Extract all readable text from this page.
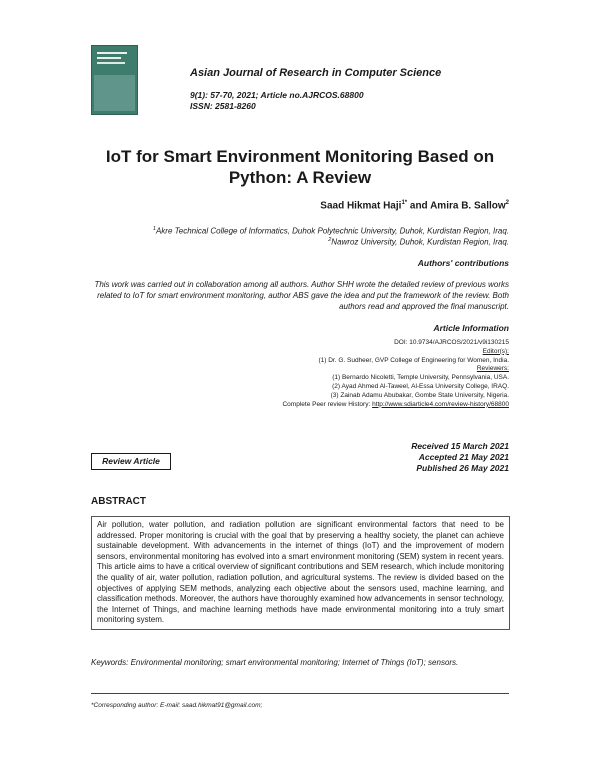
Asian Journal of Research in Computer Science
9(1): 57-70, 2021; Article no.AJRCOS.68800
ISSN: 2581-8260
IoT for Smart Environment Monitoring Based on
Python: A Review
Saad Hikmat Haji$^{1*}$ and Amira B. Sallow$^2$
$^1$Akre Technical College of Informatics, Duhok Polytechnic University, Duhok, Kurdistan Region, Iraq.
$^2$Nawroz University, Duhok, Kurdistan Region, Iraq.
Authors' contributions
This work was carried out in collaboration among all authors. Author SHH wrote the detailed review of previous works related to IoT for smart environment monitoring, author ABS gave the idea and put the framework of the review. Both authors read and approved the final manuscript.
Article Information
DOI: 10.9734/AJRCOS/2021/v9i130215
Editor(s):
(1) Dr. G. Sudheer, GVP College of Engineering for Women, India.
Reviewers:
(1) Bernardo Nicoletti, Temple University, Pennsylvania, USA.
(2) Ayad Ahmed Al-Taweel, Al-Essa University College, IRAQ.
(3) Zainab Adamu Abubakar, Gombe State University, Nigeria.
Complete Peer review History: http://www.sdiarticle4.com/review-history/68800
Review Article
Received 15 March 2021
Accepted 21 May 2021
Published 26 May 2021
ABSTRACT
Air pollution, water pollution, and radiation pollution are significant environmental factors that need to be addressed. Proper monitoring is crucial with the goal that by preserving a healthy society, the planet can achieve sustainable development. With advancements in the internet of things (IoT) and the improvement of modern sensors, environmental monitoring has evolved into a smart environment monitoring (SEM) system in recent years. This article aims to have a critical overview of significant contributions and SEM research, which include monitoring the quality of air, water pollution, radiation pollution, and agricultural systems. The review is divided based on the objectives of applying SEM methods, analyzing each objective about the sensors used, machine learning, and classification methods. Moreover, the authors have thoroughly examined how advancements in sensor technology, the Internet of Things, and machine learning methods have made environmental monitoring into a truly smart monitoring system.
Keywords: Environmental monitoring; smart environmental monitoring; Internet of Things (IoT); sensors.
*Corresponding author: E-mail: saad.hikmat91@gmail.com;
